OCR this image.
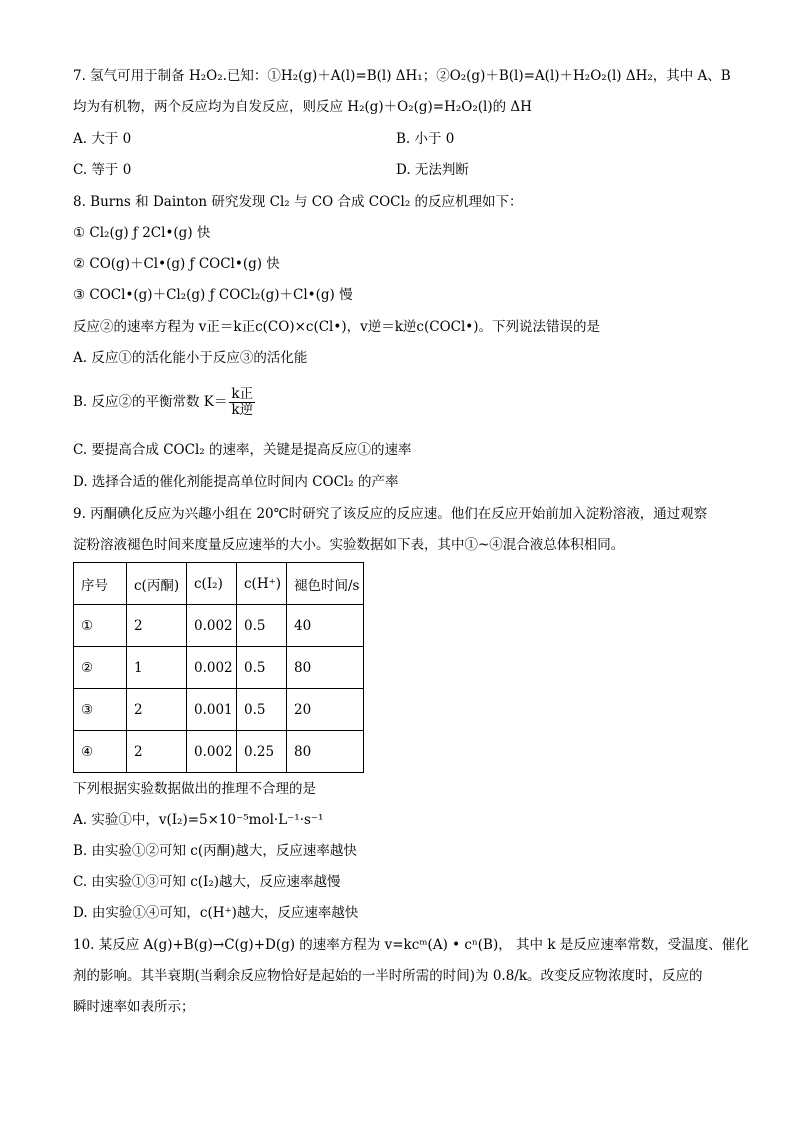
7. 氢气可用于制备 H₂O₂.已知：①H₂(g)＋A(l)=B(l) ΔH₁；②O₂(g)＋B(l)=A(l)＋H₂O₂(l) ΔH₂，其中 A、B
均为有机物，两个反应均为自发反应，则反应 H₂(g)＋O₂(g)=H₂O₂(l)的 ΔH
A. 大于 0	B. 小于 0
C. 等于 0	D. 无法判断
8. Burns 和 Dainton 研究发现 Cl₂ 与 CO 合成 COCl₂ 的反应机理如下：
① Cl₂(g) ƒ 2Cl•(g) 快
② CO(g)＋Cl•(g) ƒ COCl•(g) 快
③ COCl•(g)＋Cl₂(g) ƒ COCl₂(g)＋Cl•(g) 慢
反应②的速率方程为 v正＝k正c(CO)×c(Cl•)，v逆＝k逆c(COCl•)。下列说法错误的是
A. 反应①的活化能小于反应③的活化能
B. 反应②的平衡常数 $K= \frac{\text{k正}}{\text{k逆}}$
C. 要提高合成 COCl₂ 的速率，关键是提高反应①的速率
D. 选择合适的催化剂能提高单位时间内 COCl₂ 的产率
9. 丙酮碘化反应为兴趣小组在 20℃时研究了该反应的反应速。他们在反应开始前加入淀粉溶液，通过观察
淀粉溶液褪色时间来度量反应速举的大小。实验数据如下表，其中①~④混合液总体积相同。
序号	c(丙酮)	c(I₂)	c(H⁺)	褪色时间/s
①	2	0.002	0.5	40
②	1	0.002	0.5	80
③	2	0.001	0.5	20
④	2	0.002	0.25	80
下列根据实验数据做出的推理不合理的是
A. 实验①中，v(I₂)=5×10⁻⁵mol·L⁻¹·s⁻¹
B. 由实验①②可知 c(丙酮)越大，反应速率越快
C. 由实验①③可知 c(I₂)越大，反应速率越慢
D. 由实验①④可知，c(H⁺)越大，反应速率越快
10. 某反应 A(g)+B(g)→C(g)+D(g) 的速率方程为 v=kcᵐ(A) • cⁿ(B)， 其中 k 是反应速率常数，受温度、催化
剂的影响。其半衰期(当剩余反应物恰好是起始的一半时所需的时间)为 0.8/k。改变反应物浓度时，反应的
瞬时速率如表所示；
